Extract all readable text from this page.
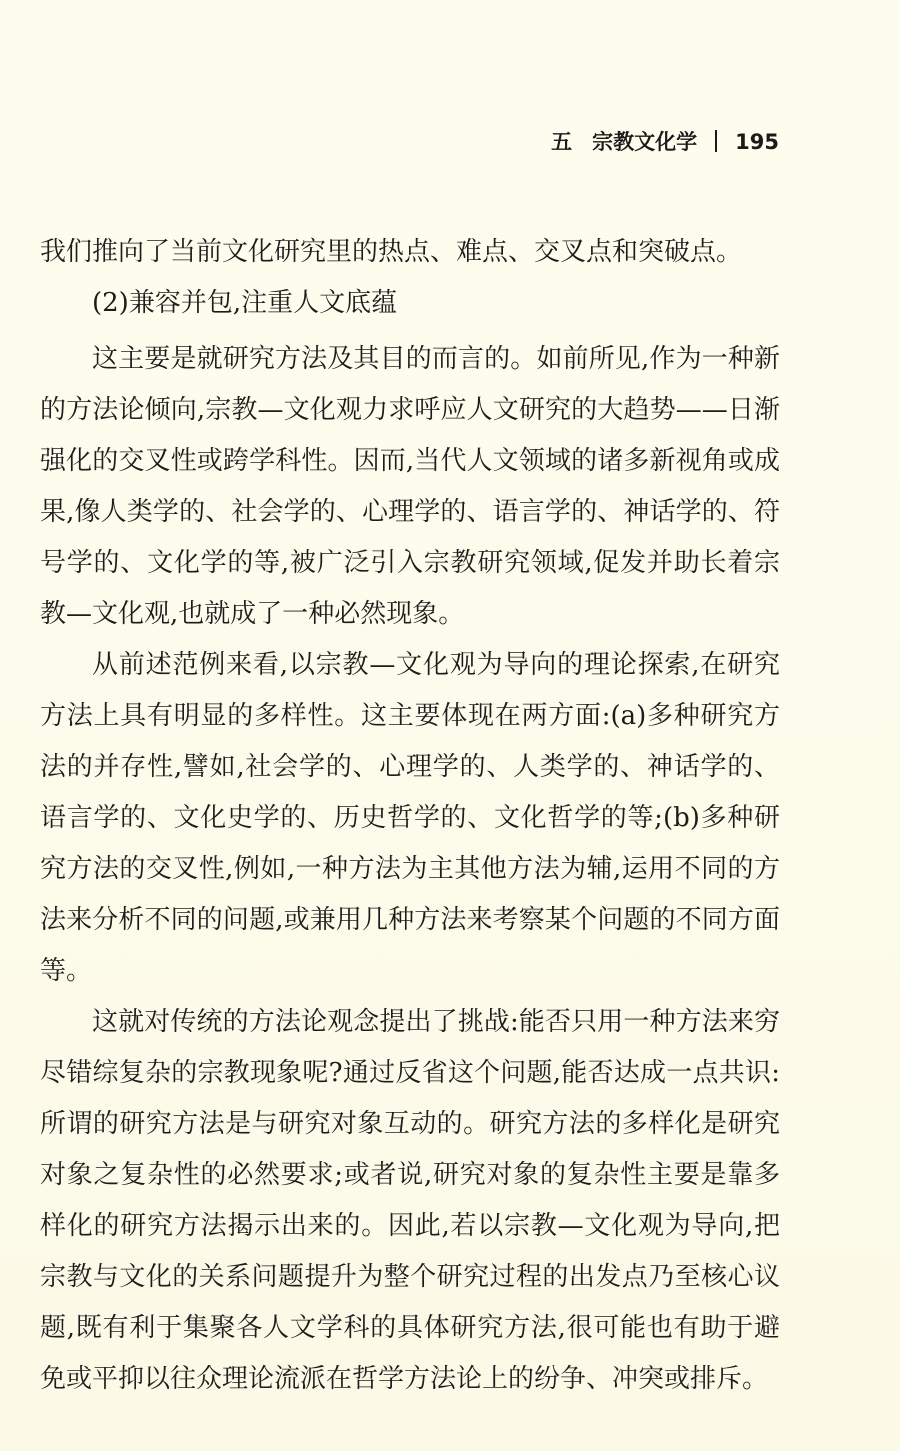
五 宗教文化学 195

我们推向了当前文化研究里的热点、难点、交叉点和突破点。

(2)兼容并包,注重人文底蕴

这主要是就研究方法及其目的而言的。如前所见,作为一种新的方法论倾向,宗教—文化观力求呼应人文研究的大趋势——日渐强化的交叉性或跨学科性。因而,当代人文领域的诸多新视角或成果,像人类学的、社会学的、心理学的、语言学的、神话学的、符号学的、文化学的等,被广泛引入宗教研究领域,促发并助长着宗教—文化观,也就成了一种必然现象。

从前述范例来看,以宗教—文化观为导向的理论探索,在研究方法上具有明显的多样性。这主要体现在两方面:(a)多种研究方法的并存性,譬如,社会学的、心理学的、人类学的、神话学的、语言学的、文化史学的、历史哲学的、文化哲学的等;(b)多种研究方法的交叉性,例如,一种方法为主其他方法为辅,运用不同的方法来分析不同的问题,或兼用几种方法来考察某个问题的不同方面等。

这就对传统的方法论观念提出了挑战:能否只用一种方法来穷尽错综复杂的宗教现象呢?通过反省这个问题,能否达成一点共识:所谓的研究方法是与研究对象互动的。研究方法的多样化是研究对象之复杂性的必然要求;或者说,研究对象的复杂性主要是靠多样化的研究方法揭示出来的。因此,若以宗教—文化观为导向,把宗教与文化的关系问题提升为整个研究过程的出发点乃至核心议题,既有利于集聚各人文学科的具体研究方法,很可能也有助于避免或平抑以往众理论流派在哲学方法论上的纷争、冲突或排斥。
